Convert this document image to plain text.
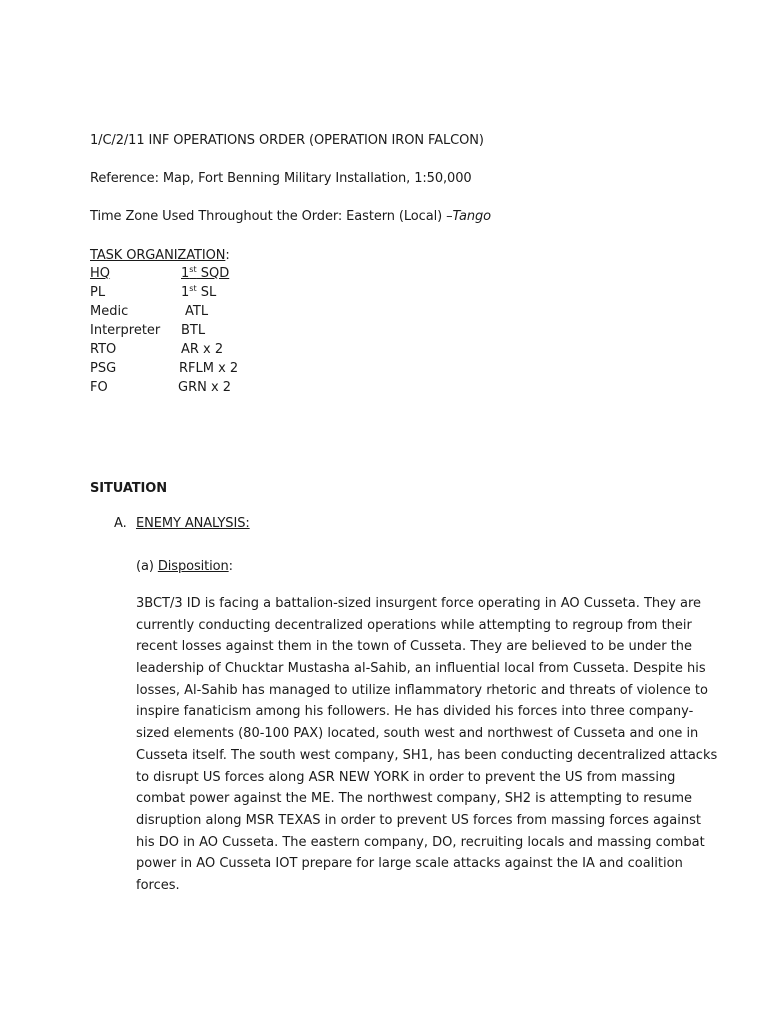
1/C/2/11 INF OPERATIONS ORDER (OPERATION IRON FALCON)
Reference: Map, Fort Benning Military Installation, 1:50,000
Time Zone Used Throughout the Order: Eastern (Local) –Tango
TASK ORGANIZATION:
HQ	1st SQD
PL	1st SL
Medic	ATL
Interpreter BTL
RTO	AR x 2
PSG	RFLM x 2
FO	GRN x 2
SITUATION
A. ENEMY ANALYSIS:
(a) Disposition:
3BCT/3 ID is facing a battalion-sized insurgent force operating in AO Cusseta. They are
currently conducting decentralized operations while attempting to regroup from their
recent losses against them in the town of Cusseta. They are believed to be under the
leadership of Chucktar Mustasha al-Sahib, an influential local from Cusseta. Despite his
losses, Al-Sahib has managed to utilize inflammatory rhetoric and threats of violence to
inspire fanaticism among his followers. He has divided his forces into three company-
sized elements (80-100 PAX) located, south west and northwest of Cusseta and one in
Cusseta itself. The south west company, SH1, has been conducting decentralized attacks
to disrupt US forces along ASR NEW YORK in order to prevent the US from massing
combat power against the ME. The northwest company, SH2 is attempting to resume
disruption along MSR TEXAS in order to prevent US forces from massing forces against
his DO in AO Cusseta. The eastern company, DO, recruiting locals and massing combat
power in AO Cusseta IOT prepare for large scale attacks against the IA and coalition
forces.
